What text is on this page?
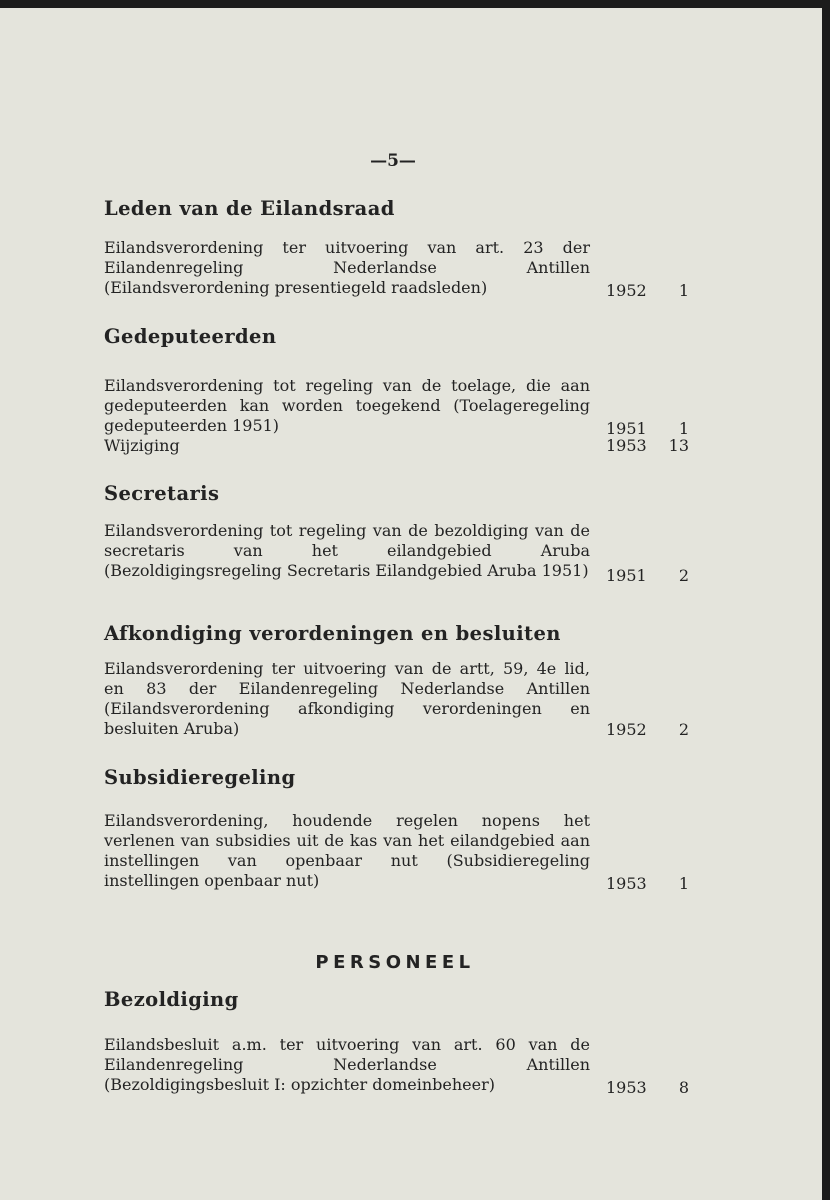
—5—
Leden van de Eilandsraad
Eilandsverordening ter uitvoering van art. 23 der Eilandenregeling Nederlandse Antillen (Eilandsverordening presentiegeld raadsleden)	1952	1
Gedeputeerden
Eilandsverordening tot regeling van de toelage, die aan gedeputeerden kan worden toegekend (Toelageregeling gedeputeerden 1951)	1951	1
Wijziging	1953	13
Secretaris
Eilandsverordening tot regeling van de bezoldiging van de secretaris van het eilandgebied Aruba (Bezoldigingsregeling Secretaris Eilandgebied Aruba 1951) 1951	2
Afkondiging verordeningen en besluiten
Eilandsverordening ter uitvoering van de artt, 59, 4e lid, en 83 der Eilandenregeling Nederlandse Antillen (Eilandsverordening afkondiging verordeningen en besluiten Aruba)	1952	2
Subsidieregeling
Eilandsverordening, houdende regelen nopens het verlenen van subsidies uit de kas van het eilandgebied aan instellingen van openbaar nut (Subsidieregeling instellingen openbaar nut)	1953	1
PERSONEEL
Bezoldiging
Eilandsbesluit a.m. ter uitvoering van art. 60 van de Eilandenregeling Nederlandse Antillen (Bezoldigingsbesluit I: opzichter domeinbeheer)	1953	8
